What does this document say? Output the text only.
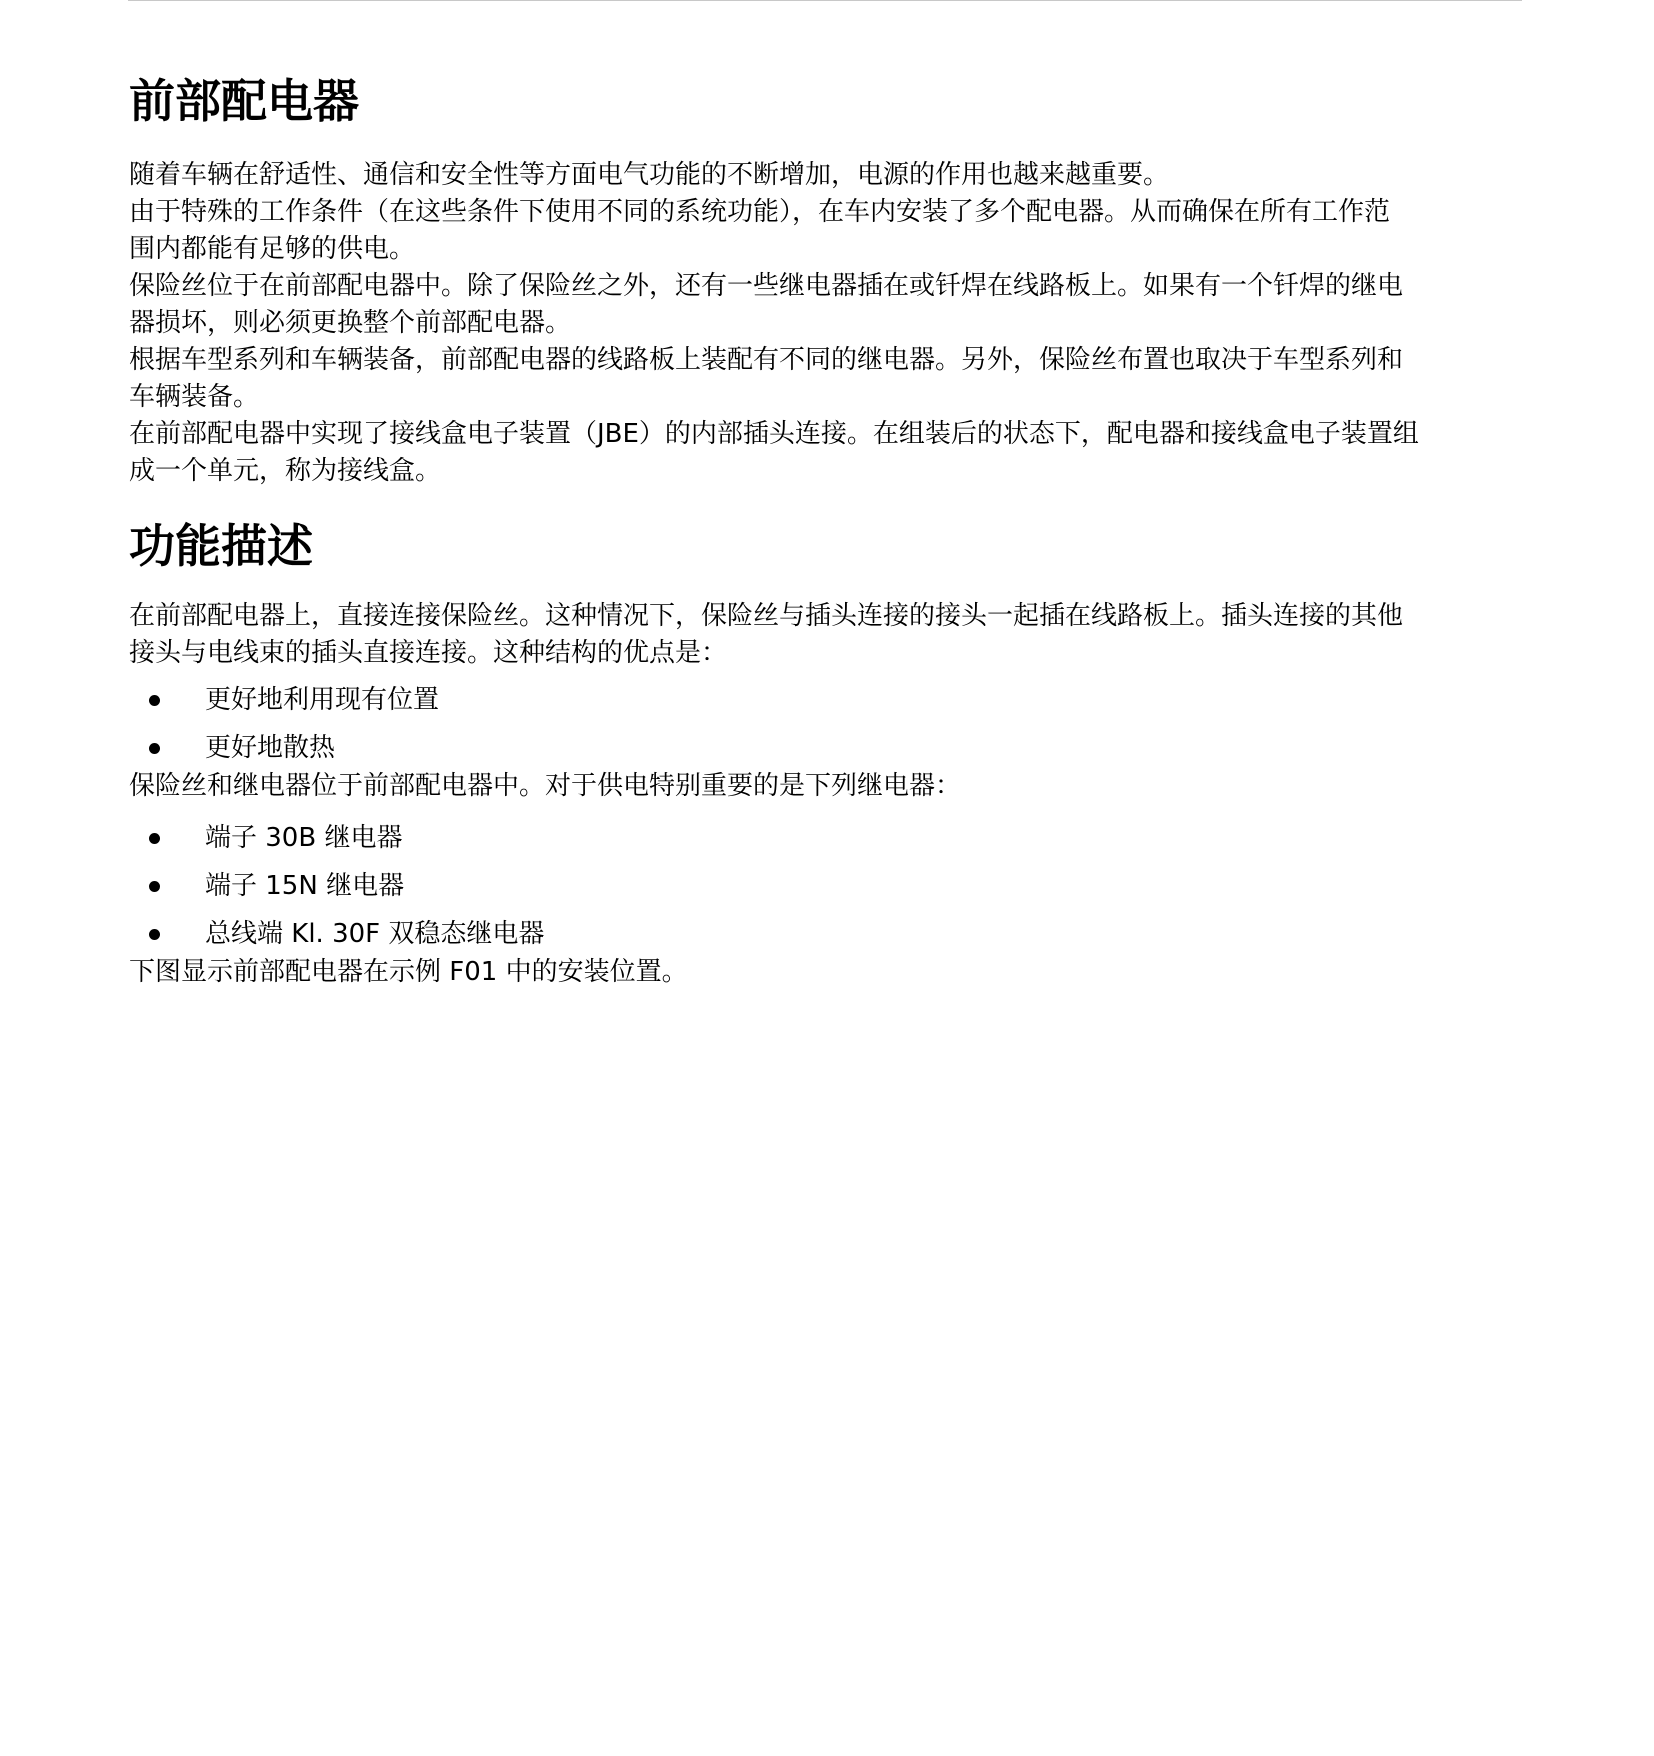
前部配电器

随着车辆在舒适性、通信和安全性等方面电气功能的不断增加，电源的作用也越来越重要。

由于特殊的工作条件（在这些条件下使用不同的系统功能），在车内安装了多个配电器。从而确保在所有工作范
围内都能有足够的供电。

保险丝位于在前部配电器中。除了保险丝之外，还有一些继电器插在或钎焊在线路板上。如果有一个钎焊的继电
器损坏，则必须更换整个前部配电器。

根据车型系列和车辆装备，前部配电器的线路板上装配有不同的继电器。另外，保险丝布置也取决于车型系列和
车辆装备。

在前部配电器中实现了接线盒电子装置（JBE）的内部插头连接。在组装后的状态下，配电器和接线盒电子装置组
成一个单元，称为接线盒。

功能描述

在前部配电器上，直接连接保险丝。这种情况下，保险丝与插头连接的接头一起插在线路板上。插头连接的其他
接头与电线束的插头直接连接。这种结构的优点是：

更好地利用现有位置
更好地散热

保险丝和继电器位于前部配电器中。对于供电特别重要的是下列继电器：

端子 30B 继电器
端子 15N 继电器
总线端 Kl. 30F 双稳态继电器

下图显示前部配电器在示例 F01 中的安装位置。
